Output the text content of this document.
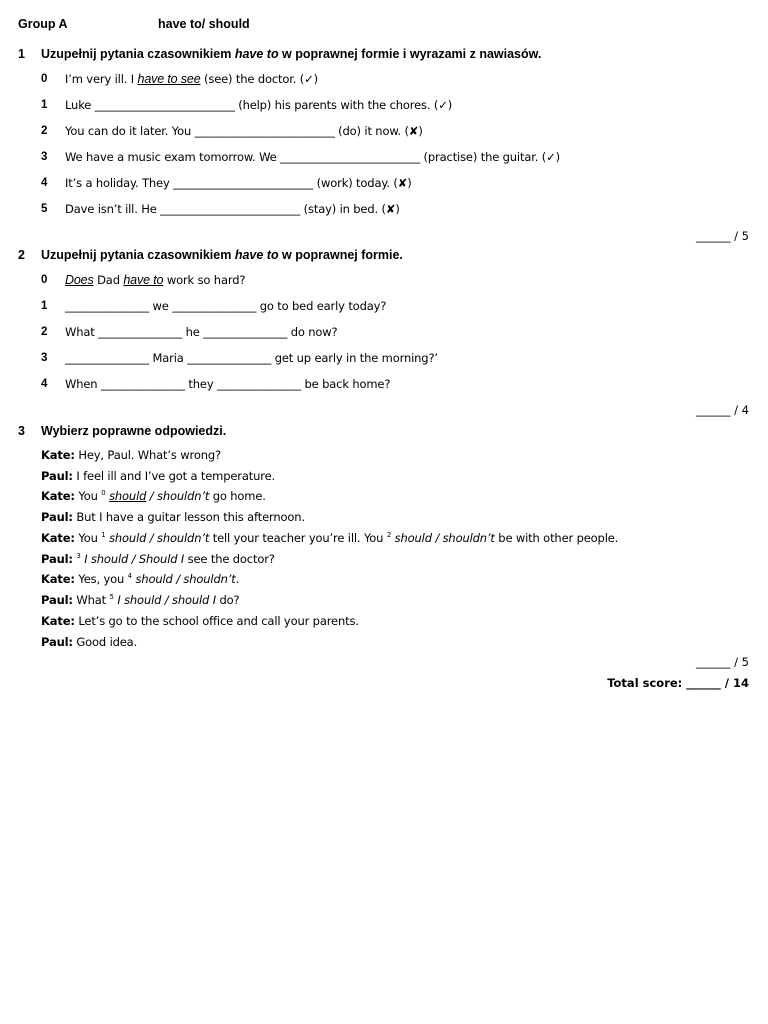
Group A	have to/ should
1 Uzupełnij pytania czasownikiem have to w poprawnej formie i wyrazami z nawiasów.
0 I’m very ill. I have to see (see) the doctor. (✓)
1 Luke _________________________ (help) his parents with the chores. (✓)
2 You can do it later. You _________________________ (do) it now. (✘)
3 We have a music exam tomorrow. We _________________________ (practise) the guitar. (✓)
4 It’s a holiday. They _________________________ (work) today. (✘)
5 Dave isn’t ill. He _________________________ (stay) in bed. (✘)
______ / 5
2 Uzupełnij pytania czasownikiem have to w poprawnej formie.
0 Does Dad have to work so hard?
1 _______________ we _______________ go to bed early today?
2 What _______________ he _______________ do now?
3 _______________ Maria _______________ get up early in the morning?’
4 When _______________ they _______________ be back home?
______ / 4
3 Wybierz poprawne odpowiedzi.
Kate: Hey, Paul. What’s wrong?
Paul: I feel ill and I’ve got a temperature.
Kate: You $^0$ should / shouldn’t go home.
Paul: But I have a guitar lesson this afternoon.
Kate: You $^1$ should / shouldn’t tell your teacher you’re ill. You $^2$ should / shouldn’t be with other people.
Paul: $^3$ I should / Should I see the doctor?
Kate: Yes, you $^4$ should / shouldn’t.
Paul: What $^5$ I should / should I do?
Kate: Let’s go to the school office and call your parents.
Paul: Good idea.
______ / 5
Total score: ______ / 14
